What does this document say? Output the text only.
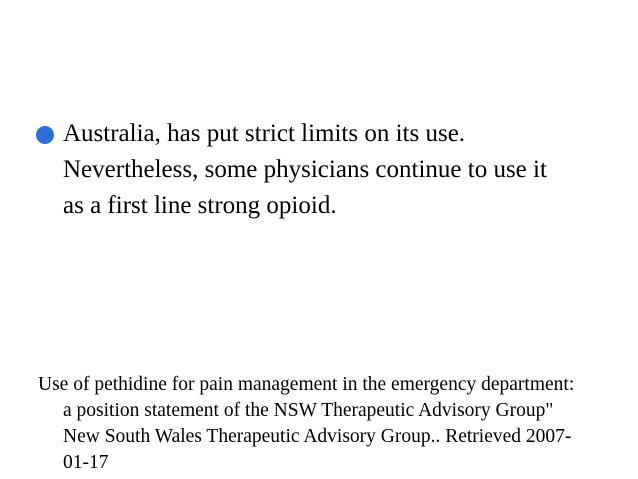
Australia, has put strict limits on its use.
Nevertheless, some physicians continue to use it
as a first line strong opioid.

Use of pethidine for pain management in the emergency department:
a position statement of the NSW Therapeutic Advisory Group"
New South Wales Therapeutic Advisory Group.. Retrieved 2007-
01-17
